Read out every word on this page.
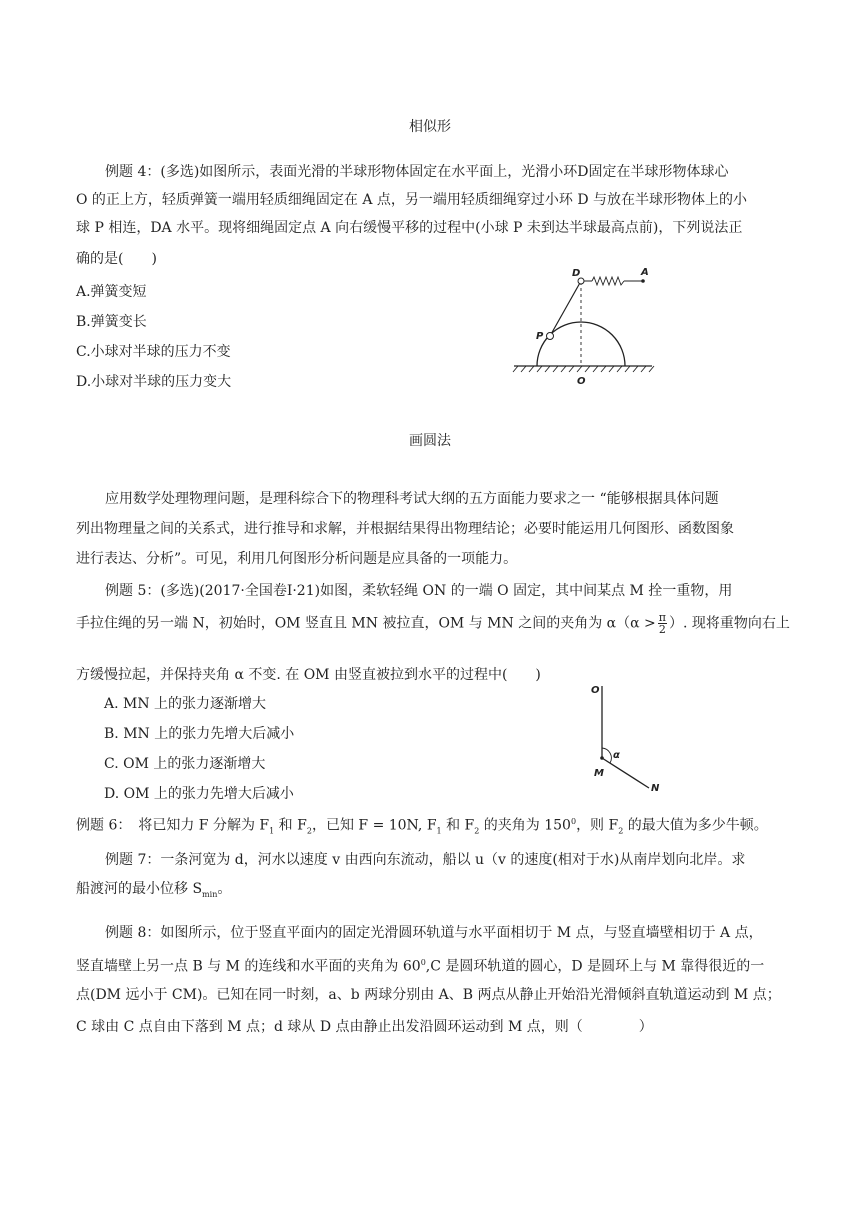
相似形
例题 4：(多选)如图所示，表面光滑的半球形物体固定在水平面上，光滑小环D固定在半球形物体球心
O 的正上方，轻质弹簧一端用轻质细绳固定在 A 点，另一端用轻质细绳穿过小环 D 与放在半球形物体上的小
球 P 相连，DA 水平。现将细绳固定点 A 向右缓慢平移的过程中(小球 P 未到达半球最高点前)，下列说法正
确的是(　　)
A.弹簧变短
B.弹簧变长
C.小球对半球的压力不变
D.小球对半球的压力变大
D	A
P
O
画圆法
应用数学处理物理问题，是理科综合下的物理科考试大纲的五方面能力要求之一 “能够根据具体问题
列出物理量之间的关系式，进行推导和求解，并根据结果得出物理结论；必要时能运用几何图形、函数图象
进行表达、分析”。可见，利用几何图形分析问题是应具备的一项能力。
例题 5：(多选)(2017·全国卷Ⅰ·21)如图，柔软轻绳 ON 的一端 O 固定，其中间某点 M 拴一重物，用
手拉住绳的另一端 N，初始时，OM 竖直且 MN 被拉直，OM 与 MN 之间的夹角为 $\alpha(\alpha > \frac{\pi}{2}$ ）. 现将重物向右上
方缓慢拉起，并保持夹角 α 不变. 在 OM 由竖直被拉到水平的过程中(　　)
A. MN 上的张力逐渐增大
B. MN 上的张力先增大后减小
C. OM 上的张力逐渐增大
D. OM 上的张力先增大后减小
O
M
N
α
例题 6：　将已知力 F 分解为 $F_1$ 和 $F_2$，已知 F = 10N, $F_1$ 和 $F_2$ 的夹角为 $150^0$，则 $F_2$ 的最大值为多少牛顿。
例题 7：一条河宽为 d，河水以速度 v 由西向东流动，船以 u（v 的速度(相对于水)从南岸划向北岸。求
船渡河的最小位移 $S_{min}$。
例题 8：如图所示，位于竖直平面内的固定光滑圆环轨道与水平面相切于 M 点，与竖直墙壁相切于 A 点，
竖直墙壁上另一点 B 与 M 的连线和水平面的夹角为 $60^0,C$ 是圆环轨道的圆心，D 是圆环上与 M 靠得很近的一
点(DM 远小于 CM)。已知在同一时刻，a、b 两球分别由 A、B 两点从静止开始沿光滑倾斜直轨道运动到 M 点；
C 球由 C 点自由下落到 M 点；d 球从 D 点由静止出发沿圆环运动到 M 点，则（　　　　）
